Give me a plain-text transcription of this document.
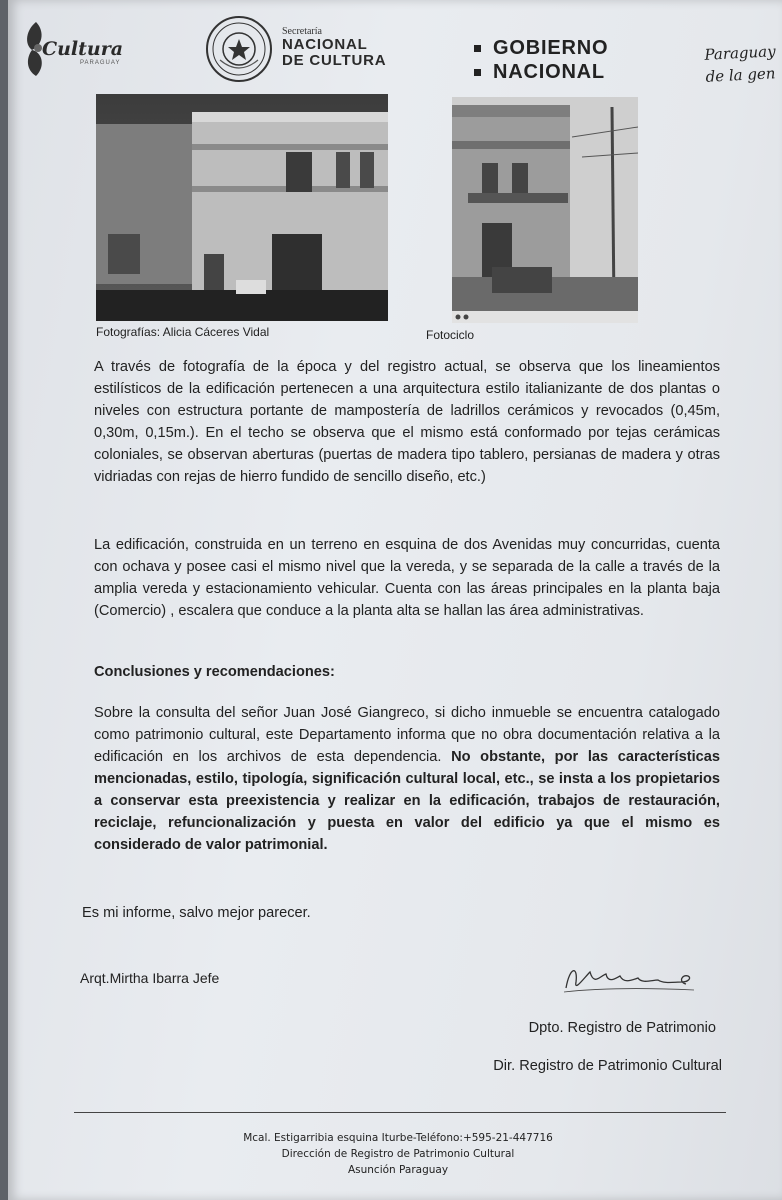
Cultura
PARAGUAY
Secretaría
NACIONAL
DE CULTURA
GOBIERNO
NACIONAL
Paraguay
de la gen
Fotografías: Alicia Cáceres Vidal	Fotociclo
A través de fotografía de la época y del registro actual, se observa que los lineamientos estilísticos de la edificación pertenecen a una arquitectura estilo italianizante de dos plantas o niveles con estructura portante de mampostería de ladrillos cerámicos y revocados (0,45m, 0,30m, 0,15m.). En el techo se observa que el mismo está conformado por tejas cerámicas coloniales, se observan aberturas (puertas de madera tipo tablero, persianas de madera y otras vidriadas con rejas de hierro fundido de sencillo diseño, etc.)
La edificación, construida en un terreno en esquina de dos Avenidas muy concurridas, cuenta con ochava y posee casi el mismo nivel que la vereda, y se separada de la calle a través de la amplia vereda y estacionamiento vehicular. Cuenta con las áreas principales en la planta baja (Comercio) , escalera que conduce a la planta alta se hallan las área administrativas.
Conclusiones y recomendaciones:
Sobre la consulta del señor Juan José Giangreco, si dicho inmueble se encuentra catalogado como patrimonio cultural, este Departamento informa que no obra documentación relativa a la edificación en los archivos de esta dependencia. No obstante, por las características mencionadas, estilo, tipología, significación cultural local, etc., se insta a los propietarios a conservar esta preexistencia y realizar en la edificación, trabajos de restauración, reciclaje, refuncionalización y puesta en valor del edificio ya que el mismo es considerado de valor patrimonial.
Es mi informe, salvo mejor parecer.
Arqt.Mirtha Ibarra Jefe
Dpto. Registro de Patrimonio
Dir. Registro de Patrimonio Cultural
Mcal. Estigarribia esquina Iturbe-Teléfono:+595-21-447716
Dirección de Registro de Patrimonio Cultural
Asunción Paraguay
